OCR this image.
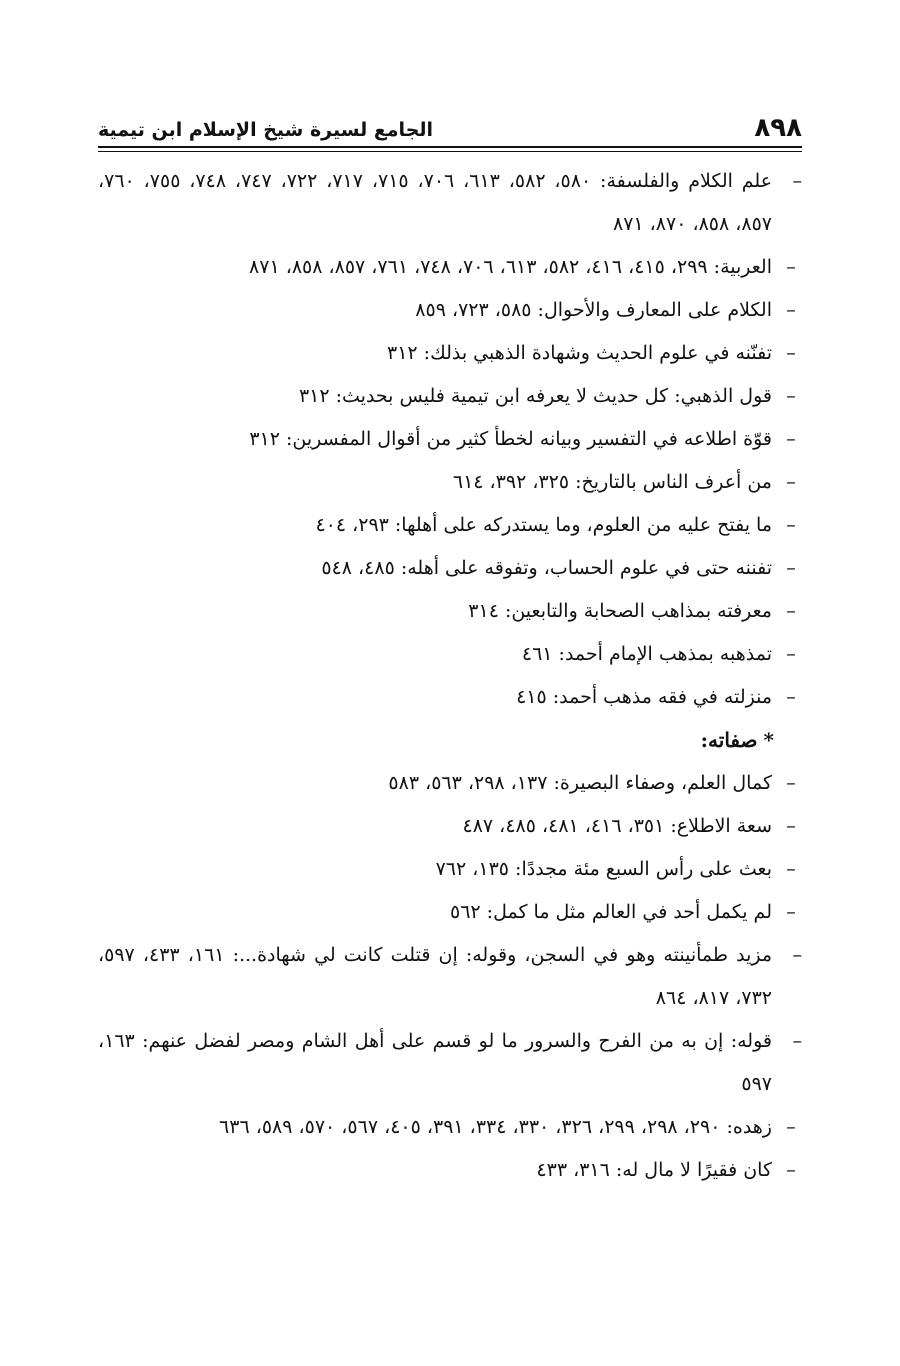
٨٩٨
الجامع لسيرة شيخ الإسلام ابن تيمية
–
علم الكلام والفلسفة: ٥٨٠، ٥٨٢، ٦١٣، ٧٠٦، ٧١٥، ٧١٧، ٧٢٢، ٧٤٧، ٧٤٨، ٧٥٥، ٧٦٠، ٨٥٧، ٨٥٨، ٨٧٠، ٨٧١
–
العربية: ٢٩٩، ٤١٥، ٤١٦، ٥٨٢، ٦١٣، ٧٠٦، ٧٤٨، ٧٦١، ٨٥٧، ٨٥٨، ٨٧١
–
الكلام على المعارف والأحوال: ٥٨٥، ٧٢٣، ٨٥٩
–
تفنّنه في علوم الحديث وشهادة الذهبي بذلك: ٣١٢
–
قول الذهبي: كل حديث لا يعرفه ابن تيمية فليس بحديث: ٣١٢
–
قوّة اطلاعه في التفسير وبيانه لخطأ كثير من أقوال المفسرين: ٣١٢
–
من أعرف الناس بالتاريخ: ٣٢٥، ٣٩٢، ٦١٤
–
ما يفتح عليه من العلوم، وما يستدركه على أهلها: ٢٩٣، ٤٠٤
–
تفننه حتى في علوم الحساب، وتفوقه على أهله: ٤٨٥، ٥٤٨
–
معرفته بمذاهب الصحابة والتابعين: ٣١٤
–
تمذهبه بمذهب الإمام أحمد: ٤٦١
–
منزلته في فقه مذهب أحمد: ٤١٥
*صفاته:
–
كمال العلم، وصفاء البصيرة: ١٣٧، ٢٩٨، ٥٦٣، ٥٨٣
–
سعة الاطلاع: ٣٥١، ٤١٦، ٤٨١، ٤٨٥، ٤٨٧
–
بعث على رأس السبع مئة مجددًا: ١٣٥، ٧٦٢
–
لم يكمل أحد في العالم مثل ما كمل: ٥٦٢
–
مزيد طمأنينته وهو في السجن، وقوله: إن قتلت كانت لي شهادة...: ١٦١، ٤٣٣، ٥٩٧، ٧٣٢، ٨١٧، ٨٦٤
–
قوله: إن به من الفرح والسرور ما لو قسم على أهل الشام ومصر لفضل عنهم: ١٦٣، ٥٩٧
–
زهده: ٢٩٠، ٢٩٨، ٢٩٩، ٣٢٦، ٣٣٠، ٣٣٤، ٣٩١، ٤٠٥، ٥٦٧، ٥٧٠، ٥٨٩، ٦٣٦
–
كان فقيرًا لا مال له: ٣١٦، ٤٣٣
